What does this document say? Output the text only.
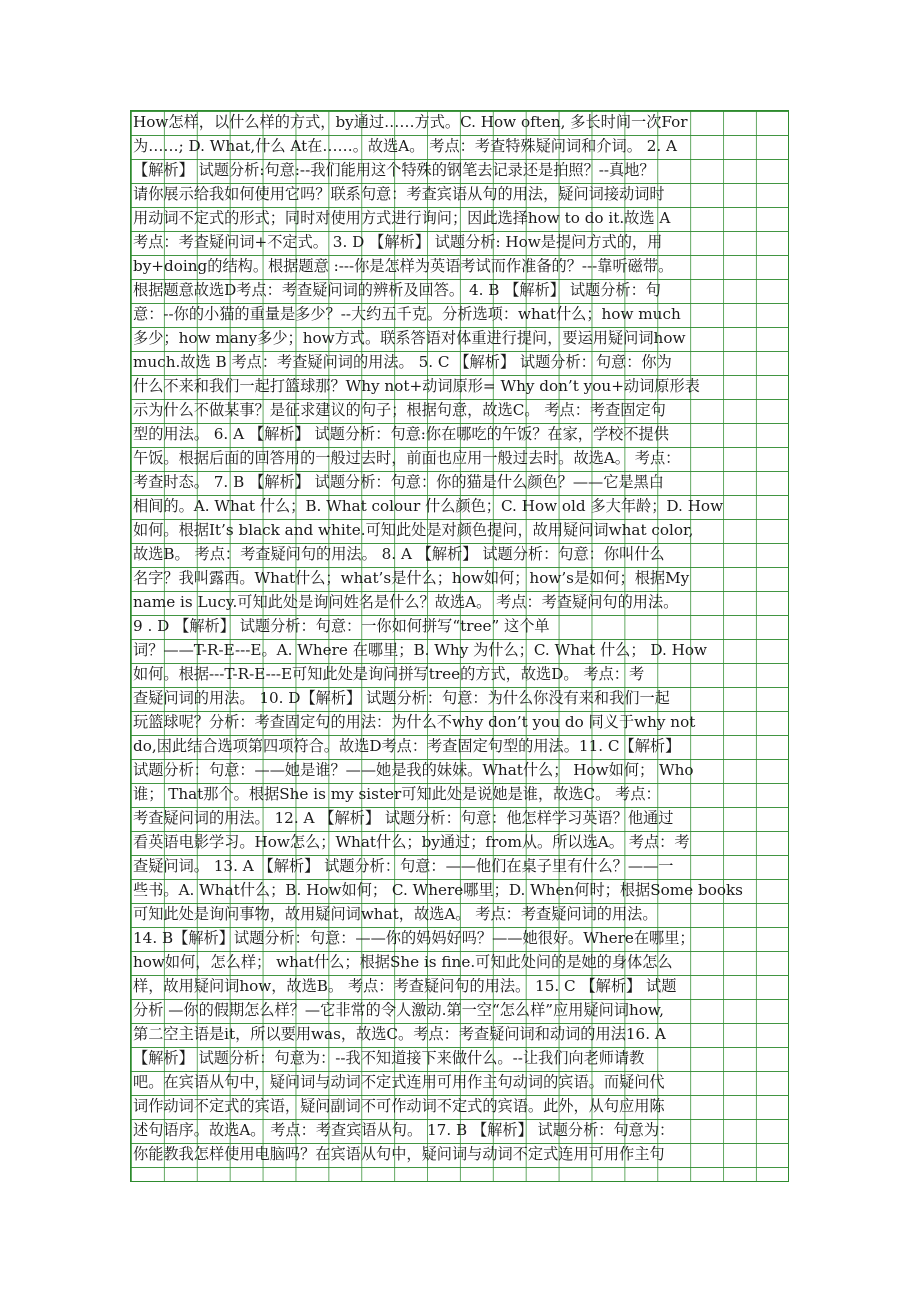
How怎样，以什么样的方式，by通过……方式。C. How often, 多长时间一次For
为……; D. What,什么 At在……。故选A。 考点：考查特殊疑问词和介词。 2. A
【解析】 试题分析:句意:--我们能用这个特殊的钢笔去记录还是拍照？--真地？
请你展示给我如何使用它吗？联系句意：考查宾语从句的用法，疑问词接动词时
用动词不定式的形式；同时对使用方式进行询问；因此选择how to do it.故选 A
考点：考查疑问词+不定式。 3. D 【解析】 试题分析: How是提问方式的，用
by+doing的结构。根据题意 :---你是怎样为英语考试而作准备的？---靠听磁带。
根据题意故选D考点：考查疑问词的辨析及回答。 4. B 【解析】 试题分析：句
意：--你的小猫的重量是多少？--大约五千克。分析选项：what什么；how much
多少；how many多少；how方式。联系答语对体重进行提问，要运用疑问词how
much.故选 B 考点：考查疑问词的用法。 5. C 【解析】 试题分析：句意：你为
什么不来和我们一起打篮球那？Why not+动词原形= Why don’t you+动词原形表
示为什么不做某事？是征求建议的句子；根据句意，故选C。 考点：考查固定句
型的用法。 6. A 【解析】 试题分析：句意:你在哪吃的午饭？在家，学校不提供
午饭。根据后面的回答用的一般过去时，前面也应用一般过去时。故选A。 考点：
考查时态。 7. B 【解析】 试题分析：句意：你的猫是什么颜色？——它是黑白
相间的。A. What 什么；B. What colour 什么颜色；C. How old 多大年龄；D. How
如何。根据It’s black and white.可知此处是对颜色提问，故用疑问词what color,
故选B。 考点：考查疑问句的用法。 8. A 【解析】 试题分析：句意：你叫什么
名字？我叫露西。What什么；what’s是什么；how如何；how’s是如何；根据My
name is Lucy.可知此处是询问姓名是什么？故选A。 考点：考查疑问句的用法。
9 . D 【解析】 试题分析：句意：一你如何拼写“tree” 这个单
词？——T-R-E---E。A. Where 在哪里；B. Why 为什么；C. What 什么； D. How
如何。根据---T-R-E---E可知此处是询问拼写tree的方式，故选D。 考点：考
查疑问词的用法。 10. D【解析】 试题分析：句意：为什么你没有来和我们一起
玩篮球呢？分析：考查固定句的用法：为什么不why don’t you do 同义于why not
do,因此结合选项第四项符合。故选D考点：考查固定句型的用法。11. C【解析】
试题分析：句意：——她是谁？——她是我的妹妹。What什么； How如何； Who
谁； That那个。根据She is my sister可知此处是说她是谁，故选C。 考点：
考查疑问词的用法。 12. A 【解析】 试题分析：句意：他怎样学习英语？他通过
看英语电影学习。How怎么；What什么；by通过；from从。所以选A。 考点：考
查疑问词。 13. A 【解析】 试题分析：句意：——他们在桌子里有什么？——一
些书。A. What什么；B. How如何； C. Where哪里；D. When何时；根据Some books
可知此处是询问事物，故用疑问词what，故选A。 考点：考查疑问词的用法。
14. B【解析】试题分析：句意：——你的妈妈好吗？——她很好。Where在哪里；
how如何，怎么样； what什么；根据She is fine.可知此处问的是她的身体怎么
样，故用疑问词how，故选B。 考点：考查疑问句的用法。 15. C 【解析】 试题
分析 —你的假期怎么样？—它非常的令人激动.第一空“怎么样”应用疑问词how,
第二空主语是it，所以要用was，故选C。考点：考查疑问词和动词的用法16. A
【解析】 试题分析：句意为：--我不知道接下来做什么。--让我们向老师请教
吧。在宾语从句中，疑问词与动词不定式连用可用作主句动词的宾语。而疑问代
词作动词不定式的宾语，疑问副词不可作动词不定式的宾语。此外，从句应用陈
述句语序。故选A。 考点：考查宾语从句。 17. B 【解析】 试题分析：句意为：
你能教我怎样使用电脑吗？在宾语从句中，疑问词与动词不定式连用可用作主句
